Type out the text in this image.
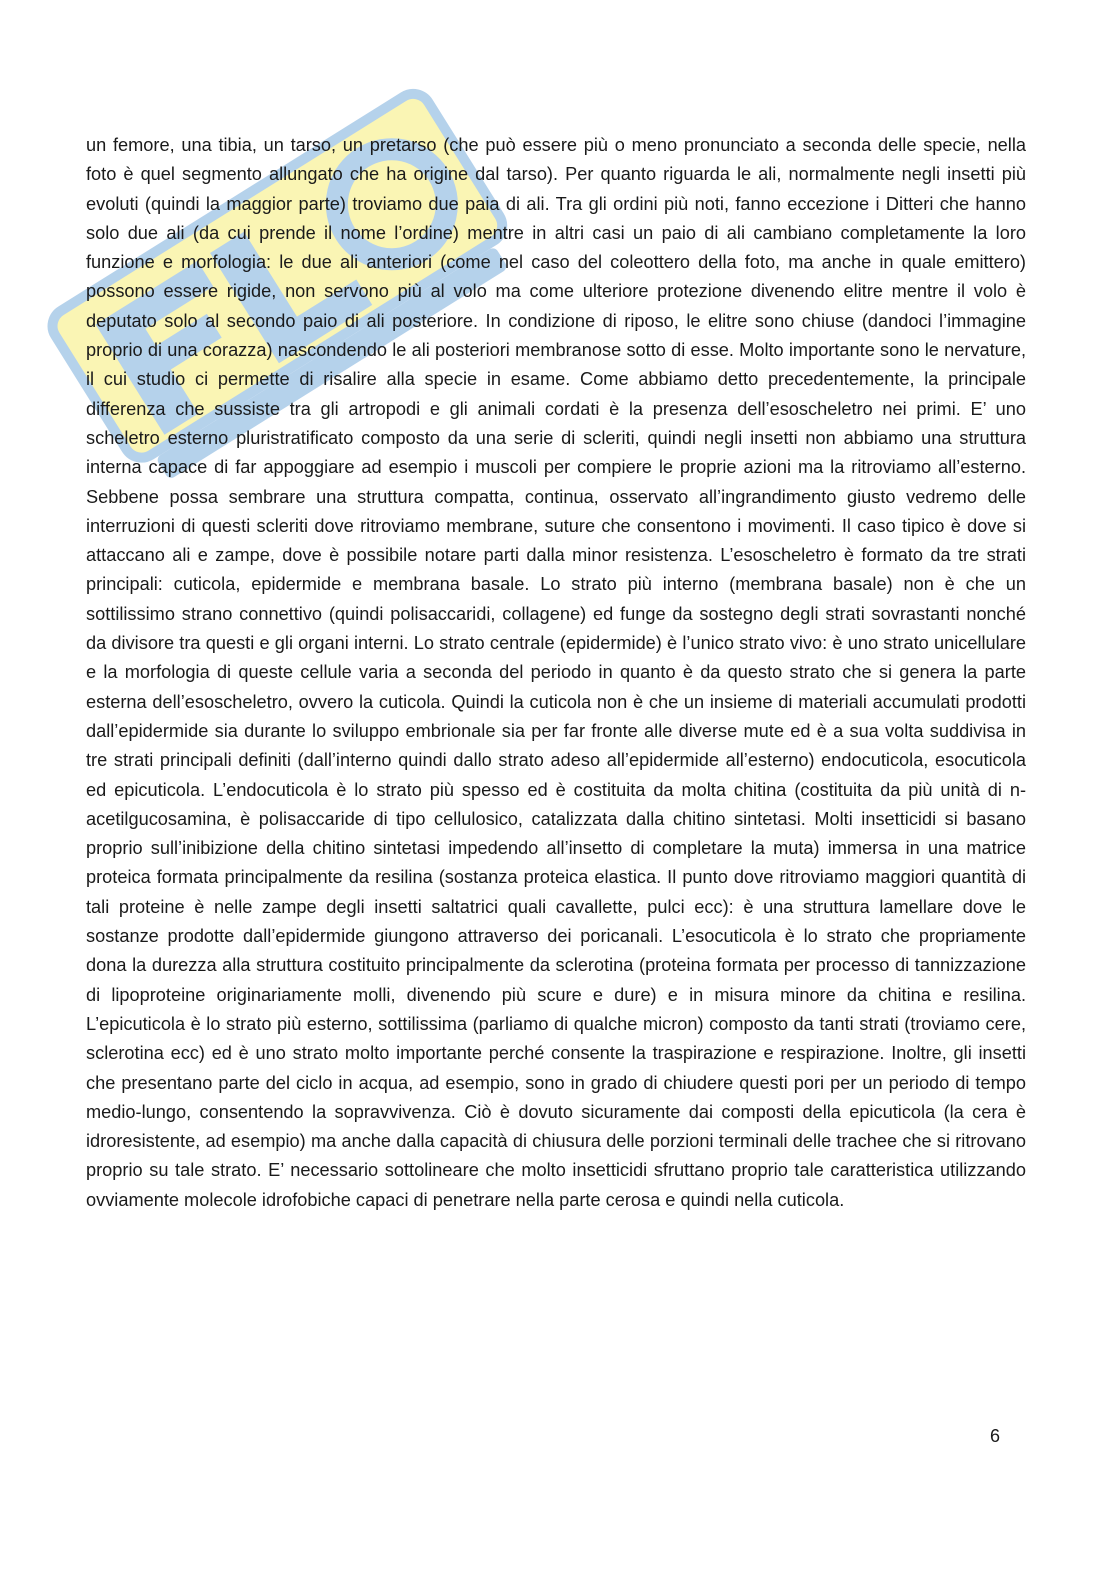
un femore, una tibia, un tarso, un pretarso (che può essere più o meno pronunciato a seconda delle specie, nella foto è quel segmento allungato che ha origine dal tarso). Per quanto riguarda le ali, normalmente negli insetti più evoluti (quindi la maggior parte) troviamo due paia di ali. Tra gli ordini più noti, fanno eccezione i Ditteri che hanno solo due ali (da cui prende il nome l’ordine) mentre in altri casi un paio di ali cambiano completamente la loro funzione e morfologia: le due ali anteriori (come nel caso del coleottero della foto, ma anche in quale emittero) possono essere rigide, non servono più al volo ma come ulteriore protezione divenendo elitre mentre il volo è deputato solo al secondo paio di ali posteriore. In condizione di riposo, le elitre sono chiuse (dandoci l’immagine proprio di una corazza) nascondendo le ali posteriori membranose sotto di esse. Molto importante sono le nervature, il cui studio ci permette di risalire alla specie in esame. Come abbiamo detto precedentemente, la principale differenza che sussiste tra gli artropodi e gli animali cordati è la presenza dell’esoscheletro nei primi. E’ uno scheletro esterno pluristratificato composto da una serie di scleriti, quindi negli insetti non abbiamo una struttura interna capace di far appoggiare ad esempio i muscoli per compiere le proprie azioni ma la ritroviamo all’esterno. Sebbene possa sembrare una struttura compatta, continua, osservato all’ingrandimento giusto vedremo delle interruzioni di questi scleriti dove ritroviamo membrane, suture che consentono i movimenti. Il caso tipico è dove si attaccano ali e zampe, dove è possibile notare parti dalla minor resistenza. L’esoscheletro è formato da tre strati principali: cuticola, epidermide e membrana basale. Lo strato più interno (membrana basale) non è che un sottilissimo strano connettivo (quindi polisaccaridi, collagene) ed funge da sostegno degli strati sovrastanti nonché da divisore tra questi e gli organi interni. Lo strato centrale (epidermide) è l’unico strato vivo: è uno strato unicellulare e la morfologia di queste cellule varia a seconda del periodo in quanto è da questo strato che si genera la parte esterna dell’esoscheletro, ovvero la cuticola. Quindi la cuticola non è che un insieme di materiali accumulati prodotti dall’epidermide sia durante lo sviluppo embrionale sia per far fronte alle diverse mute ed è a sua volta suddivisa in tre strati principali definiti (dall’interno quindi dallo strato adeso all’epidermide all’esterno) endocuticola, esocuticola ed epicuticola. L’endocuticola è lo strato più spesso ed è costituita da molta chitina (costituita da più unità di n-acetilgucosamina, è polisaccaride di tipo cellulosico, catalizzata dalla chitino sintetasi. Molti insetticidi si basano proprio sull’inibizione della chitino sintetasi impedendo all’insetto di completare la muta) immersa in una matrice proteica formata principalmente da resilina (sostanza proteica elastica. Il punto dove ritroviamo maggiori quantità di tali proteine è nelle zampe degli insetti saltatrici quali cavallette, pulci ecc): è una struttura lamellare dove le sostanze prodotte dall’epidermide giungono attraverso dei poricanali. L’esocuticola è lo strato che propriamente dona la durezza alla struttura costituito principalmente da sclerotina (proteina formata per processo di tannizzazione di lipoproteine originariamente molli, divenendo più scure e dure) e in misura minore da chitina e resilina. L’epicuticola è lo strato più esterno, sottilissima (parliamo di qualche micron) composto da tanti strati (troviamo cere, sclerotina ecc) ed è uno strato molto importante perché consente la traspirazione e respirazione. Inoltre, gli insetti che presentano parte del ciclo in acqua, ad esempio, sono in grado di chiudere questi pori per un periodo di tempo medio-lungo, consentendo la sopravvivenza. Ciò è dovuto sicuramente dai composti della epicuticola (la cera è idroresistente, ad esempio) ma anche dalla capacità di chiusura delle porzioni terminali delle trachee che si ritrovano proprio su tale strato. E’ necessario sottolineare che molto insetticidi sfruttano proprio tale caratteristica utilizzando ovviamente molecole idrofobiche capaci di penetrare nella parte cerosa e quindi nella cuticola.

6
